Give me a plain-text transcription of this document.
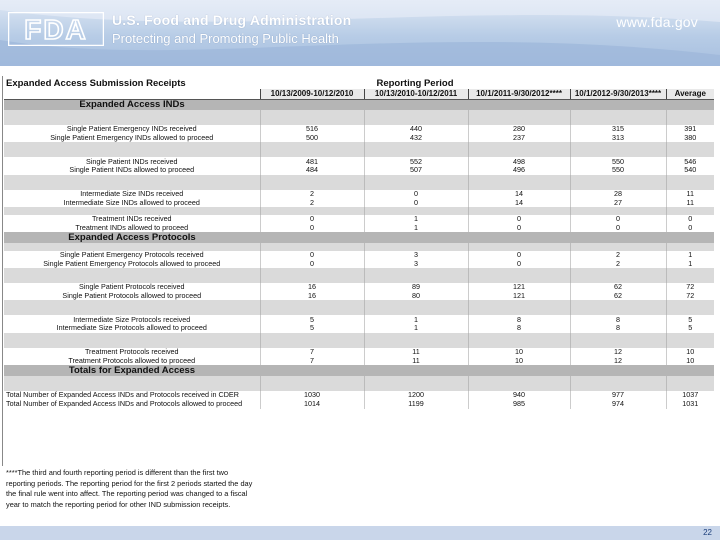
FDA U.S. Food and Drug Administration
Protecting and Promoting Public Health
www.fda.gov
Expanded Access Submission Receipts	Reporting Period				
	10/13/2009-10/12/2010	10/13/2010-10/12/2011	10/1/2011-9/30/2012****	10/1/2012-9/30/2013****	Average
Expanded Access INDs					

Single Patient Emergency INDs received	516	440	280	315	391
Single Patient Emergency INDs allowed to proceed	500	432	237	313	380

Single Patient INDs received	481	552	498	550	546
Single Patient INDs allowed to proceed	484	507	496	550	540

Intermediate Size INDs received	2	0	14	28	11
Intermediate Size INDs allowed to proceed	2	0	14	27	11

Treatment INDs received	0	1	0	0	0
Treatment INDs allowed to proceed	0	1	0	0	0
Expanded Access Protocols					

Single Patient Emergency Protocols received	0	3	0	2	1
Single Patient Emergency Protocols allowed to proceed	0	3	0	2	1

Single Patient Protocols received	16	89	121	62	72
Single Patient Protocols allowed to proceed	16	80	121	62	72

Intermediate Size Protocols received	5	1	8	8	5
Intermediate Size Protocols allowed to proceed	5	1	8	8	5

Treatment Protocols received	7	11	10	12	10
Treatment Protocols allowed to proceed	7	11	10	12	10
Totals for Expanded Access					

Total Number of Expanded Access INDs and Protocols received in CDER	1030	1200	940	977	1037
Total Number of Expanded Access INDs and Protocols allowed to proceed	1014	1199	985	974	1031
****The third and fourth reporting period is different than the first two reporting periods. The reporting period for the first 2 periods started the day the final rule went into affect. The reporting period was changed to a fiscal year to match the reporting period for other IND submission receipts.
22
